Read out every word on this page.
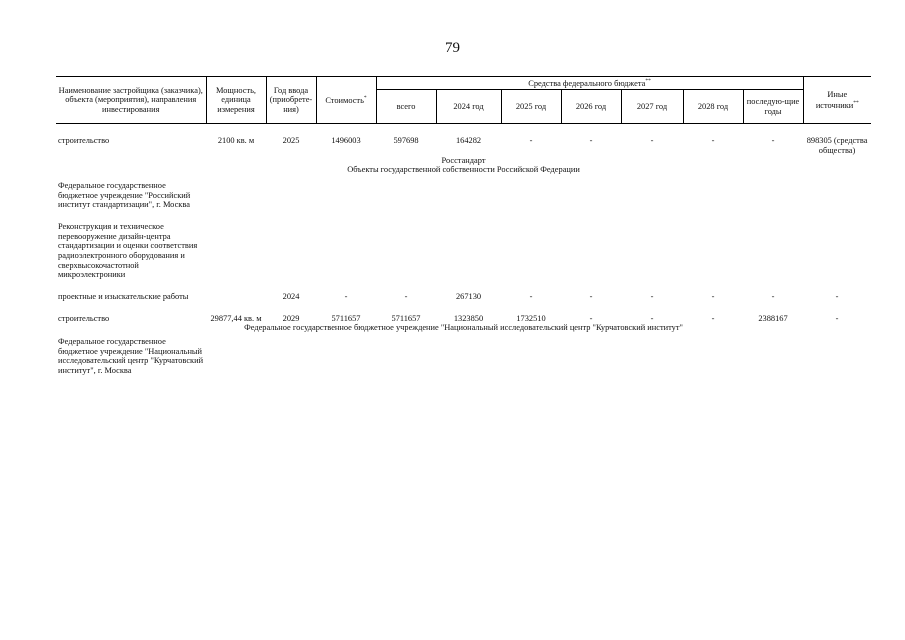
79
Наименование застройщика (заказчика), объекта (мероприятия), направления инвестирования	Мощность, единица измерения	Год ввода (приобрете-ния)	Стоимость*	Средства федерального бюджета**							Иные источники**
				всего	2024 год	2025 год	2026 год	2027 год	2028 год	последую-щие годы	

строительство	2100 кв. м	2025	1496003	597698	164282	-	-	-	-	-	898305 (средства общества)
Росстандарт											
Объекты государственной собственности Российской Федерации											
Федеральное государственное бюджетное учреждение "Российский институт стандартизации", г. Москва											

Реконструкция и техническое перевооружение дизайн-центра стандартизации и оценки соответствия радиоэлектронного оборудования и сверхвысокочастотной микроэлектроники											

проектные и изыскательские работы		2024	-	-	267130	-	-	-	-	-	-

строительство	29877,44 кв. м	2029	5711657	5711657	1323850	1732510	-	-	-	2388167	-
Федеральное государственное бюджетное учреждение "Национальный исследовательский центр "Курчатовский институт"											
Федеральное государственное бюджетное учреждение "Национальный исследовательский центр "Курчатовский институт", г. Москва											
